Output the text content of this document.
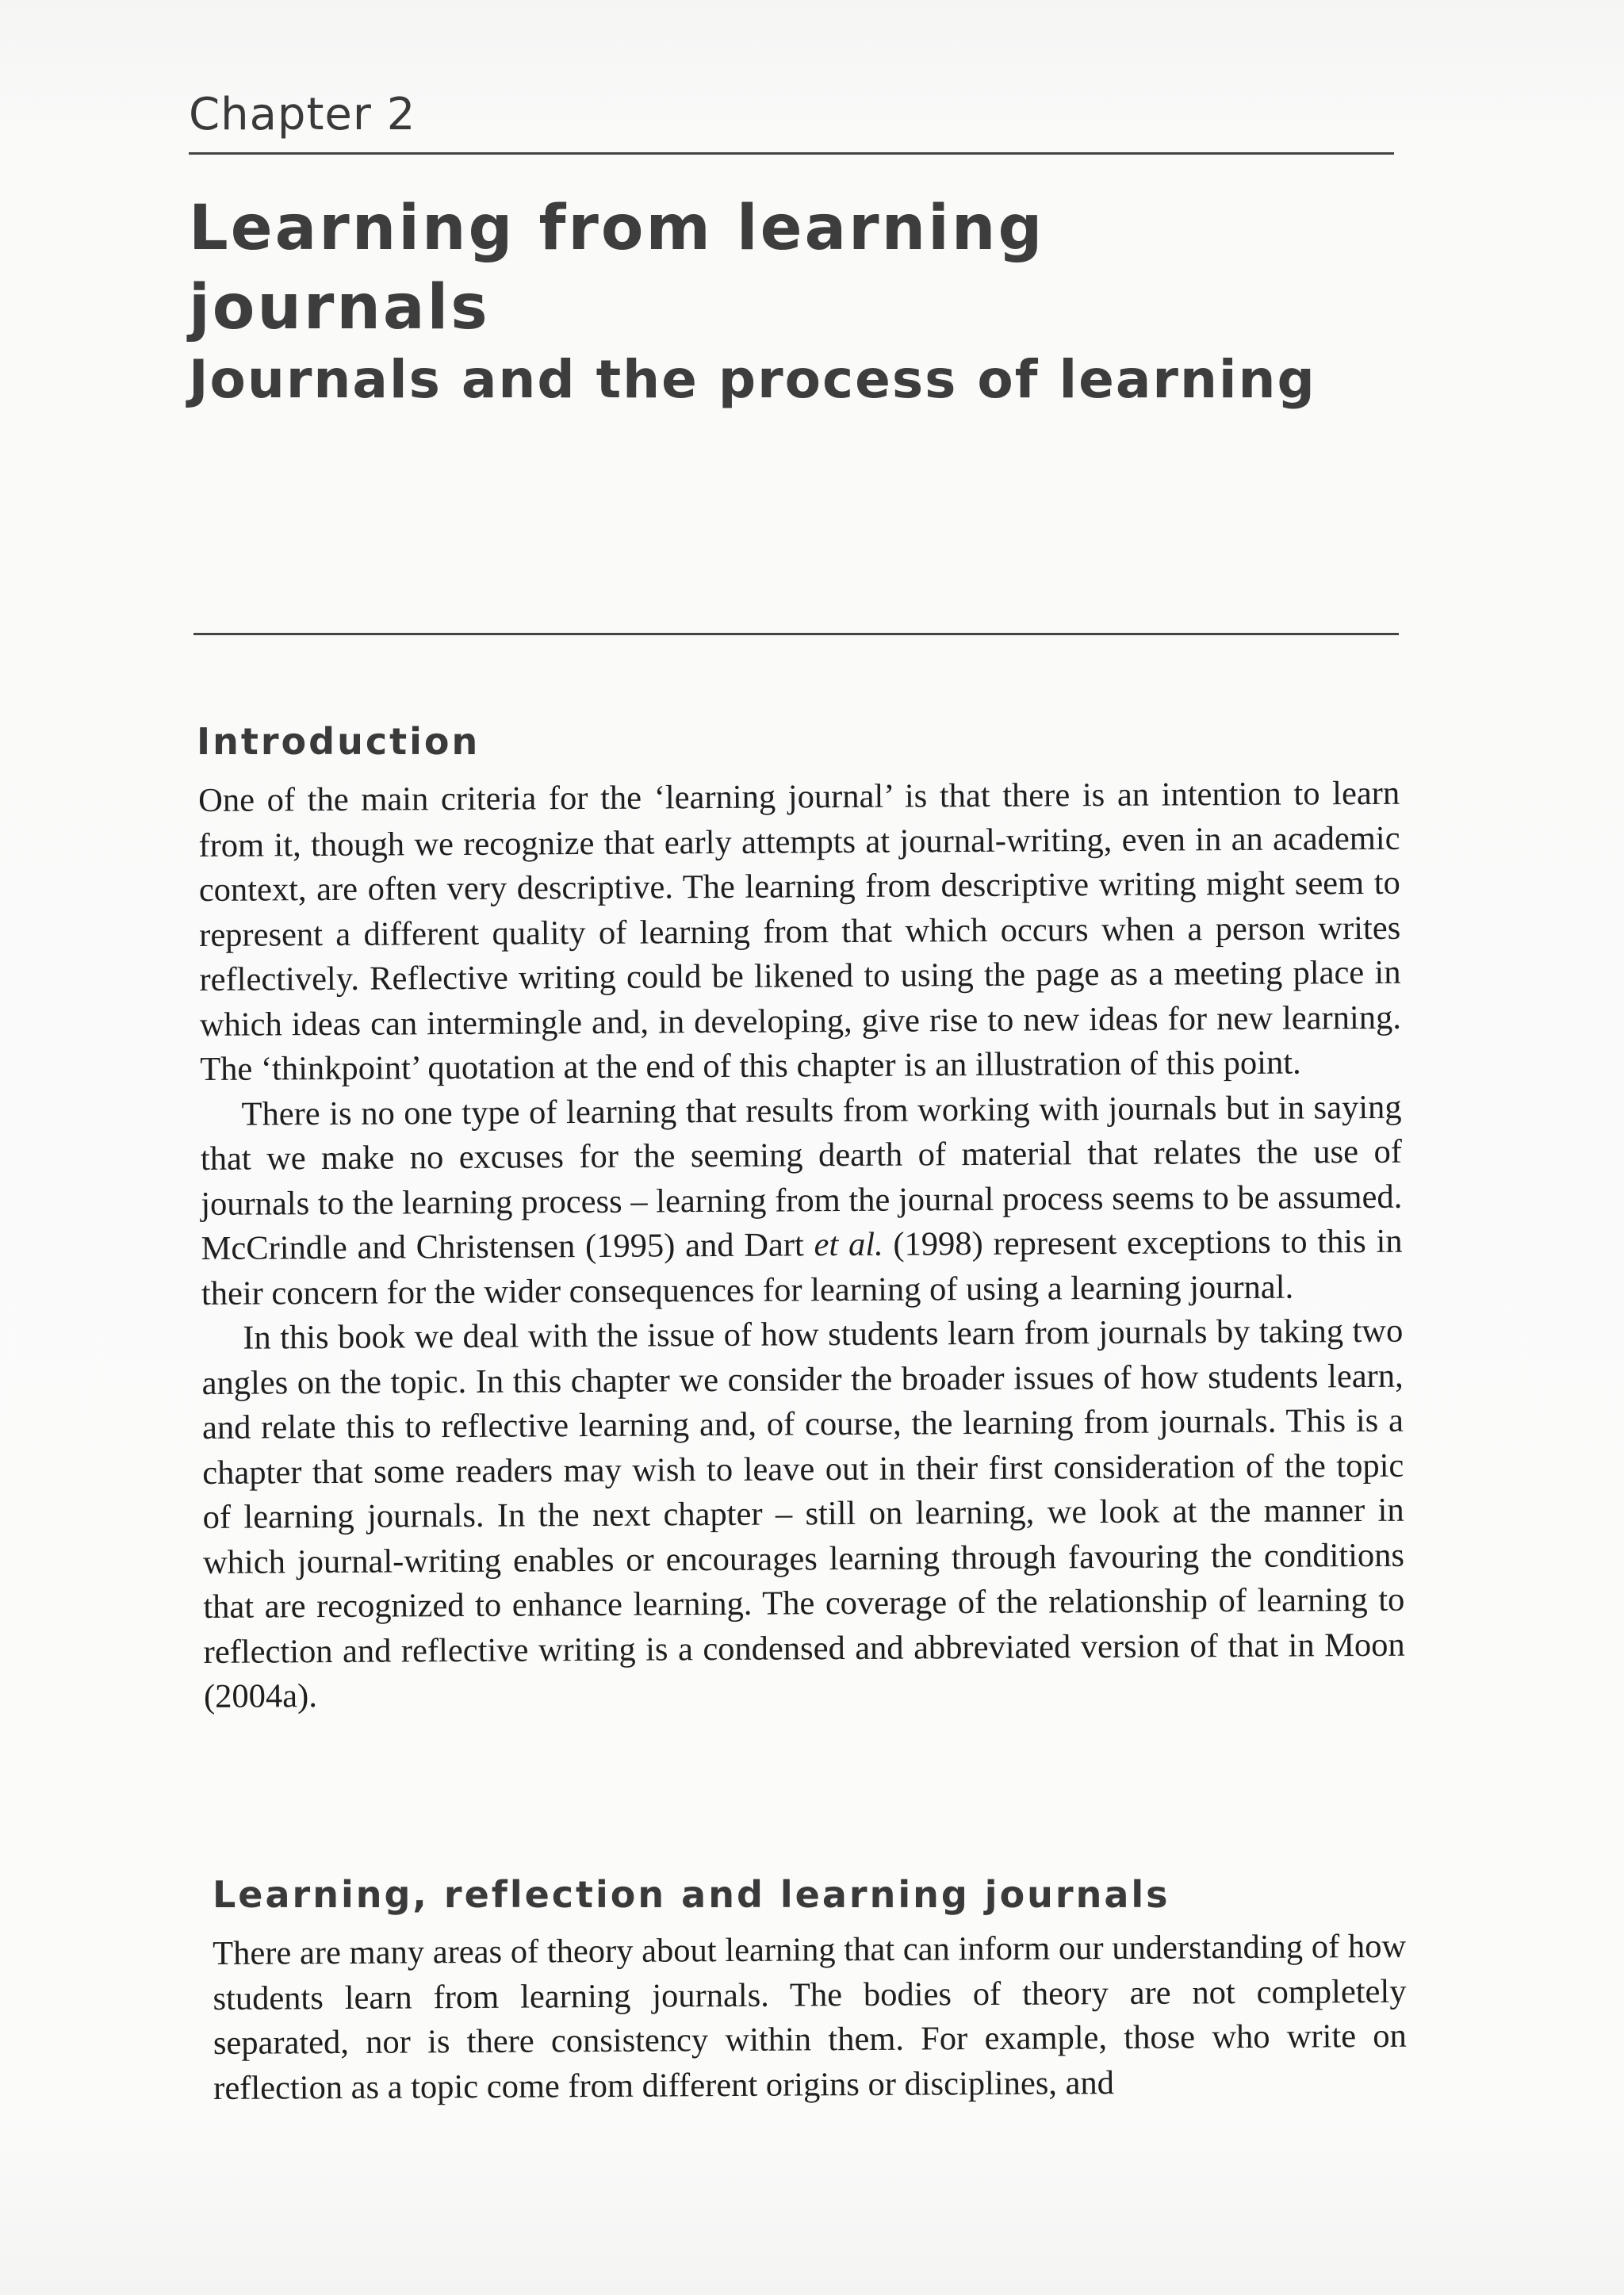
Chapter 2
Learning from learning journals
Journals and the process of learning
Introduction

One of the main criteria for the ‘learning journal’ is that there is an intention to learn from it, though we recognize that early attempts at journal-writing, even in an academic context, are often very descriptive. The learning from descriptive writing might seem to represent a different quality of learning from that which occurs when a person writes reflectively. Reflective writing could be likened to using the page as a meeting place in which ideas can intermingle and, in developing, give rise to new ideas for new learning. The ‘thinkpoint’ quotation at the end of this chapter is an illustration of this point.

There is no one type of learning that results from working with journals but in saying that we make no excuses for the seeming dearth of material that relates the use of journals to the learning process – learning from the journal process seems to be assumed. McCrindle and Christensen (1995) and Dart et al. (1998) represent exceptions to this in their concern for the wider consequences for learning of using a learning journal.

In this book we deal with the issue of how students learn from journals by taking two angles on the topic. In this chapter we consider the broader issues of how students learn, and relate this to reflective learning and, of course, the learning from journals. This is a chapter that some readers may wish to leave out in their first consideration of the topic of learning journals. In the next chapter – still on learning, we look at the manner in which journal-writing enables or encourages learning through favouring the conditions that are recognized to enhance learning. The coverage of the relationship of learning to reflection and reflective writing is a condensed and abbreviated version of that in Moon (2004a).

Learning, reflection and learning journals

There are many areas of theory about learning that can inform our understanding of how students learn from learning journals. The bodies of theory are not completely separated, nor is there consistency within them. For example, those who write on reflection as a topic come from different origins or disciplines, and
